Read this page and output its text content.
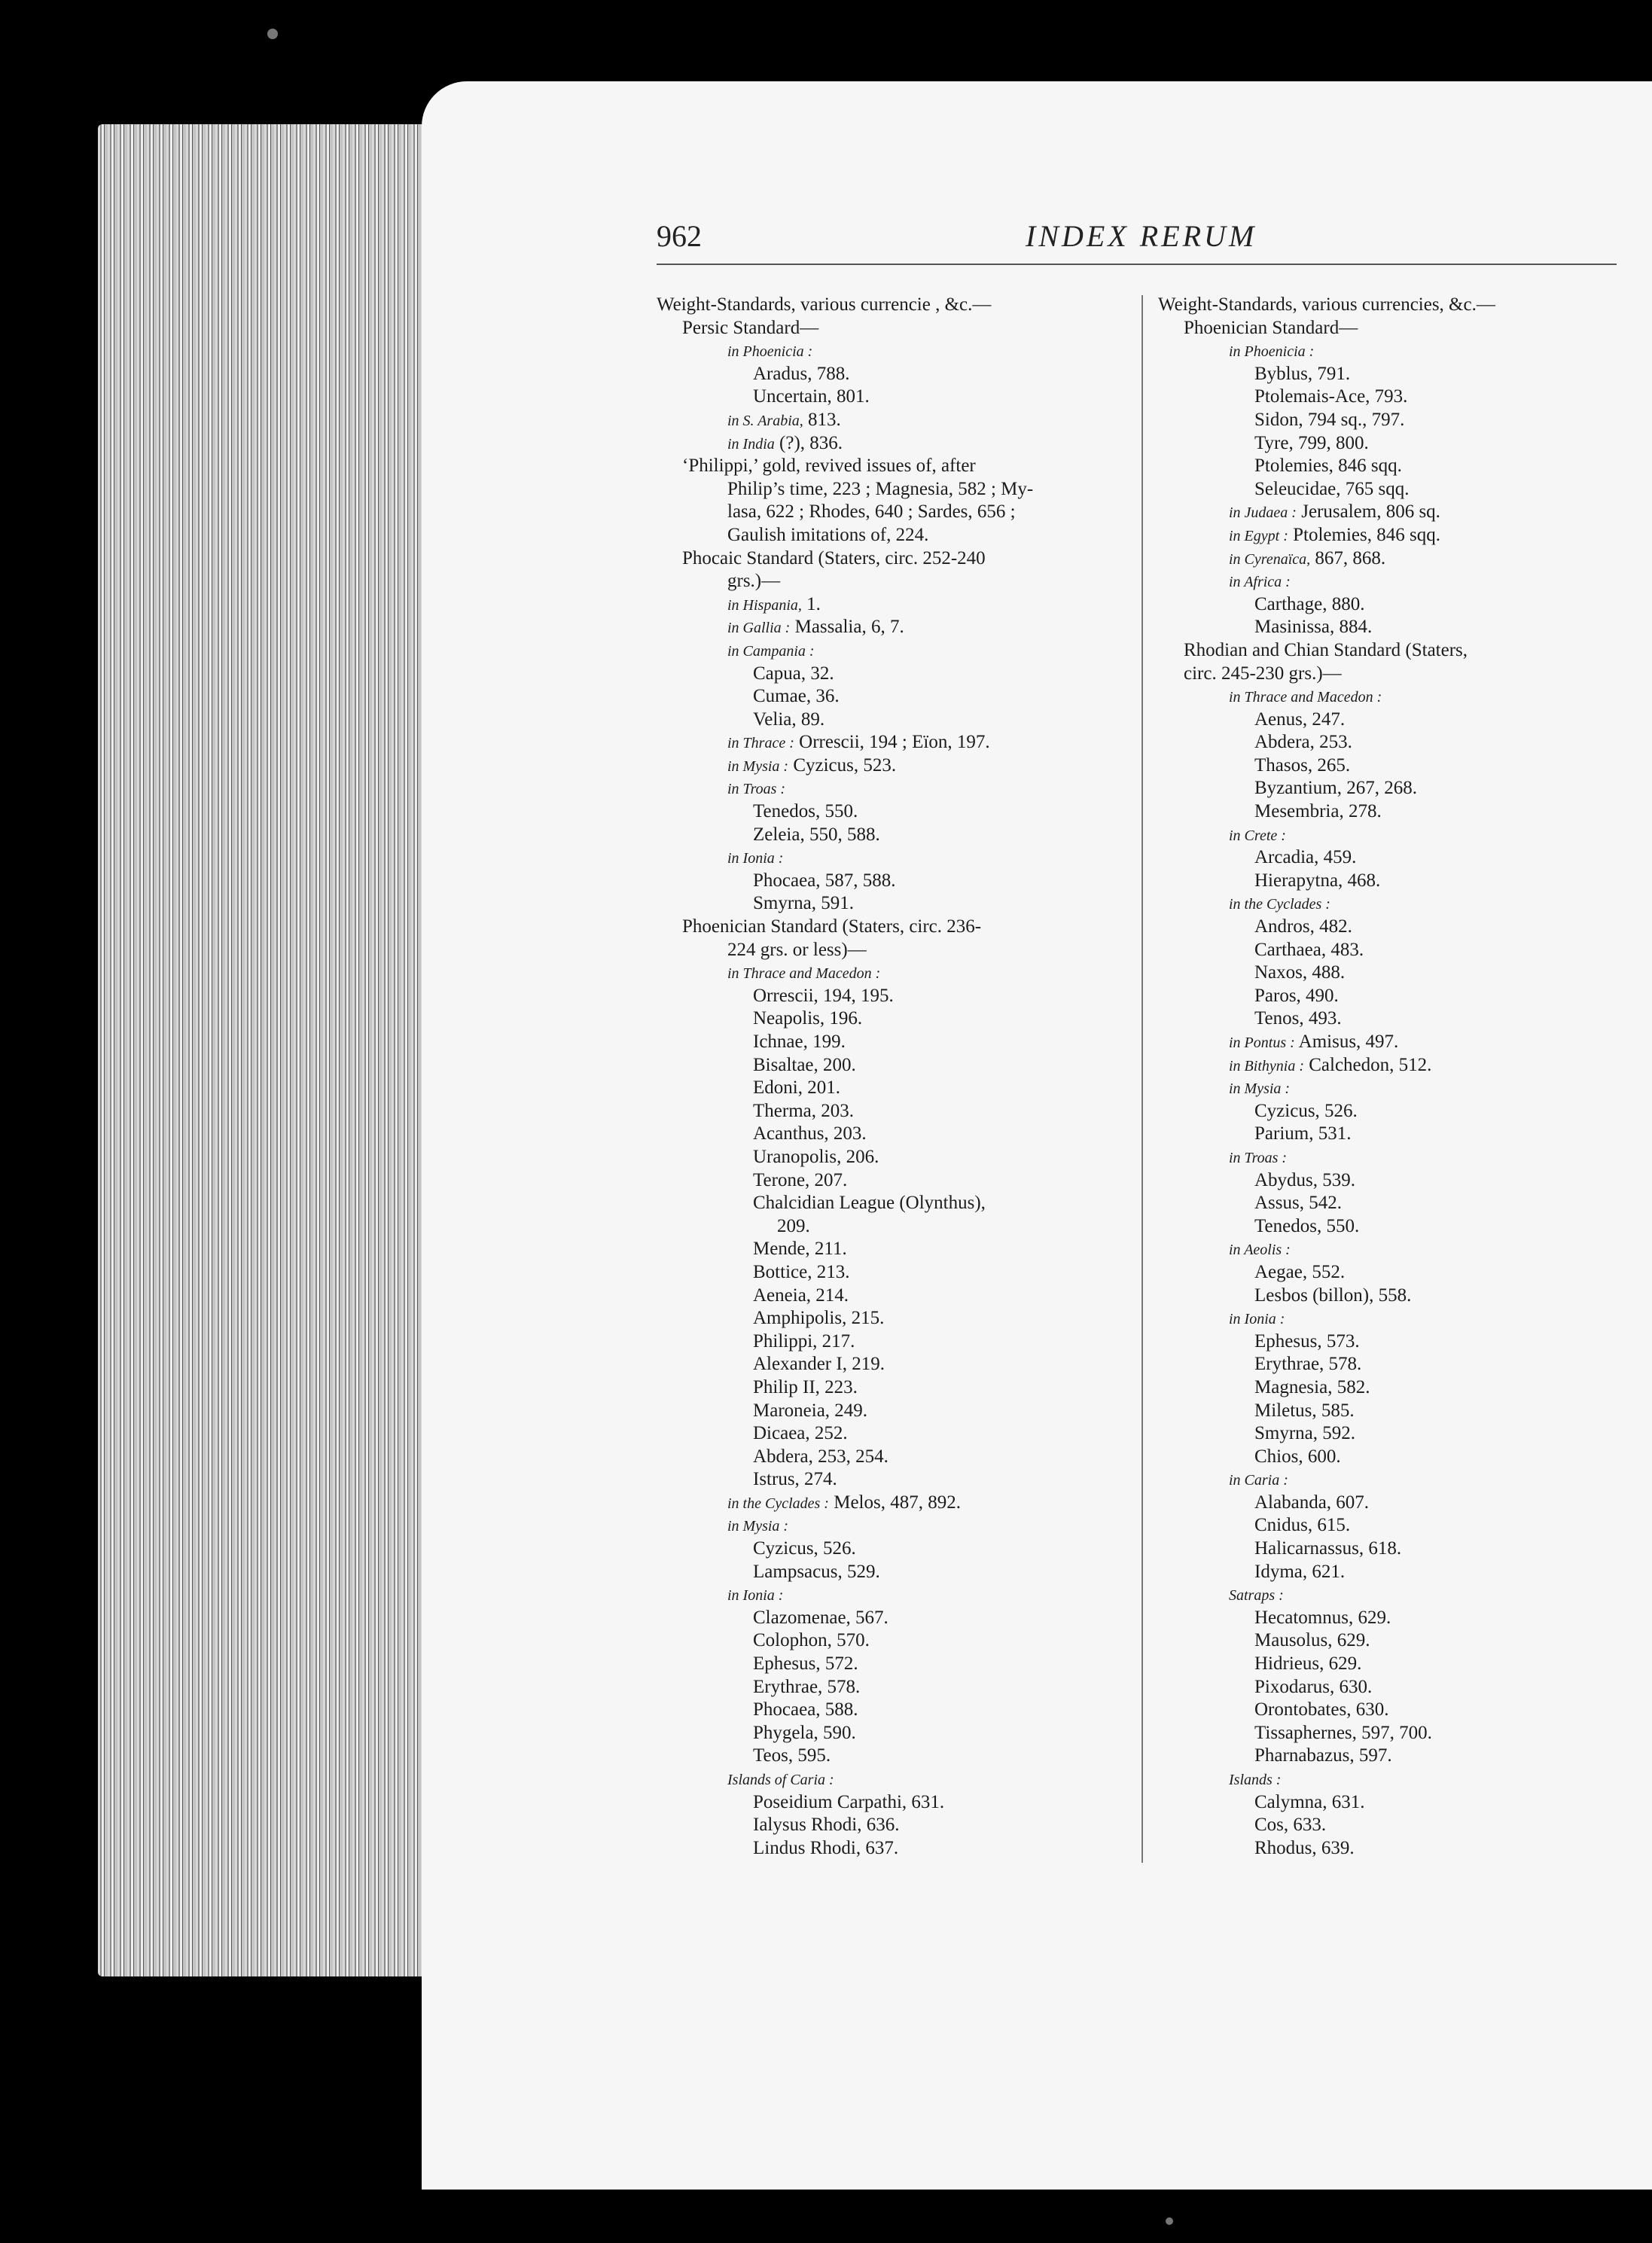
962	INDEX RERUM
Weight-Standards, various currencie , &c.—
Persic Standard—
in Phoenicia :
Aradus, 788.
Uncertain, 801.
in S. Arabia, 813.
in India (?), 836.
‘Philippi,’ gold, revived issues of, after
Philip’s time, 223 ; Magnesia, 582 ; My-
lasa, 622 ; Rhodes, 640 ; Sardes, 656 ;
Gaulish imitations of, 224.
Phocaic Standard (Staters, circ. 252-240
grs.)—
in Hispania, 1.
in Gallia : Massalia, 6, 7.
in Campania :
Capua, 32.
Cumae, 36.
Velia, 89.
in Thrace : Orrescii, 194 ; Eïon, 197.
in Mysia : Cyzicus, 523.
in Troas :
Tenedos, 550.
Zeleia, 550, 588.
in Ionia :
Phocaea, 587, 588.
Smyrna, 591.
Phoenician Standard (Staters, circ. 236-
224 grs. or less)—
in Thrace and Macedon :
Orrescii, 194, 195.
Neapolis, 196.
Ichnae, 199.
Bisaltae, 200.
Edoni, 201.
Therma, 203.
Acanthus, 203.
Uranopolis, 206.
Terone, 207.
Chalcidian League (Olynthus),
209.
Mende, 211.
Bottice, 213.
Aeneia, 214.
Amphipolis, 215.
Philippi, 217.
Alexander I, 219.
Philip II, 223.
Maroneia, 249.
Dicaea, 252.
Abdera, 253, 254.
Istrus, 274.
in the Cyclades : Melos, 487, 892.
in Mysia :
Cyzicus, 526.
Lampsacus, 529.
in Ionia :
Clazomenae, 567.
Colophon, 570.
Ephesus, 572.
Erythrae, 578.
Phocaea, 588.
Phygela, 590.
Teos, 595.
Islands of Caria :
Poseidium Carpathi, 631.
Ialysus Rhodi, 636.
Lindus Rhodi, 637.
Weight-Standards, various currencies, &c.—
Phoenician Standard—
in Phoenicia :
Byblus, 791.
Ptolemais-Ace, 793.
Sidon, 794 sq., 797.
Tyre, 799, 800.
Ptolemies, 846 sqq.
Seleucidae, 765 sqq.
in Judaea : Jerusalem, 806 sq.
in Egypt : Ptolemies, 846 sqq.
in Cyrenaïca, 867, 868.
in Africa :
Carthage, 880.
Masinissa, 884.
Rhodian and Chian Standard (Staters,
circ. 245-230 grs.)—
in Thrace and Macedon :
Aenus, 247.
Abdera, 253.
Thasos, 265.
Byzantium, 267, 268.
Mesembria, 278.
in Crete :
Arcadia, 459.
Hierapytna, 468.
in the Cyclades :
Andros, 482.
Carthaea, 483.
Naxos, 488.
Paros, 490.
Tenos, 493.
in Pontus : Amisus, 497.
in Bithynia : Calchedon, 512.
in Mysia :
Cyzicus, 526.
Parium, 531.
in Troas :
Abydus, 539.
Assus, 542.
Tenedos, 550.
in Aeolis :
Aegae, 552.
Lesbos (billon), 558.
in Ionia :
Ephesus, 573.
Erythrae, 578.
Magnesia, 582.
Miletus, 585.
Smyrna, 592.
Chios, 600.
in Caria :
Alabanda, 607.
Cnidus, 615.
Halicarnassus, 618.
Idyma, 621.
Satraps :
Hecatomnus, 629.
Mausolus, 629.
Hidrieus, 629.
Pixodarus, 630.
Orontobates, 630.
Tissaphernes, 597, 700.
Pharnabazus, 597.
Islands :
Calymna, 631.
Cos, 633.
Rhodus, 639.
